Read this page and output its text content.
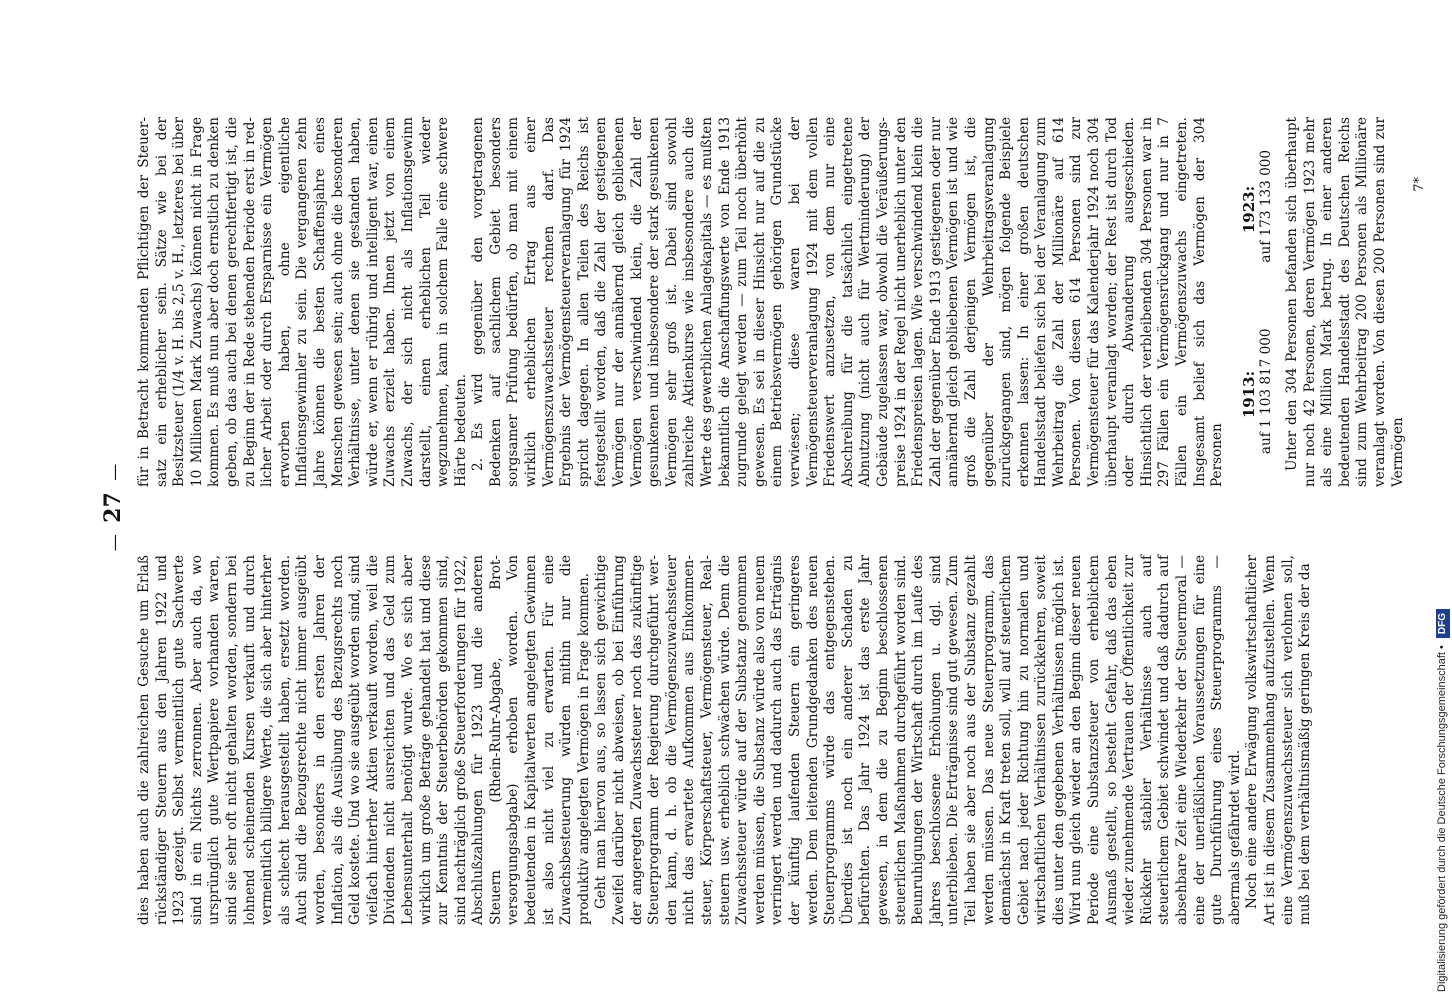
— 27 —

dies haben auch die zahlreichen Gesuche um Erlaß rückständiger Steuern aus den Jahren 1922 und 1923 gezeigt. Selbst vermeintlich gute Sachwerte sind in ein Nichts zerronnen. Aber auch da, wo ursprünglich gute Wertpapiere vorhanden waren, sind sie sehr oft nicht gehalten worden, sondern bei lohnend scheinenden Kursen verkauft und durch vermeintlich billigere Werte, die sich aber hinterher als schlecht herausgestellt haben, ersetzt worden. Auch sind die Bezugsrechte nicht immer ausgeübt worden, besonders in den ersten Jahren der Inflation, als die Ausübung des Bezugsrechts noch Geld kostete. Und wo sie ausgeübt worden sind, sind vielfach hinterher Aktien verkauft worden, weil die Dividenden nicht ausreichten und das Geld zum Lebensunterhalt benötigt wurde. Wo es sich aber wirklich um große Beträge gehandelt hat und diese zur Kenntnis der Steuerbehörden gekommen sind, sind nachträglich große Steuerforderungen für 1922, Abschlußzahlungen für 1923 und die anderen Steuern (Rhein-Ruhr-Abgabe, Brotversorgungsabgabe) erhoben worden. Von bedeutenden in Kapitalwerten angelegten Gewinnen ist also nicht viel zu erwarten. Für eine Zuwachsbesteuerung würden mithin nur die produktiv angelegten Vermögen in Frage kommen. Geht man hiervon aus, so lassen sich gewichtige Zweifel darüber nicht abweisen, ob bei Einführung der angeregten Zuwachssteuer noch das zukünftige Steuerprogramm der Regierung durchgeführt werden kann, d. h. ob die Vermögenszuwachssteuer nicht das erwartete Aufkommen aus Einkommensteuer, Körperschaftsteuer, Vermögensteuer, Realsteuern usw. erheblich schwächen würde. Denn die Zuwachssteuer würde auf der Substanz genommen werden müssen, die Substanz würde also von neuem verringert werden und dadurch auch das Erträgnis der künftig laufenden Steuern ein geringeres werden. Dem leitenden Grundgedanken des neuen Steuerprogramms würde das entgegenstehen. Überdies ist noch ein anderer Schaden zu befürchten. Das Jahr 1924 ist das erste Jahr gewesen, in dem die zu Beginn beschlossenen steuerlichen Maßnahmen durchgeführt worden sind. Beunruhigungen der Wirtschaft durch im Laufe des Jahres beschlossene Erhöhungen u. dgl. sind unterblieben. Die Erträgnisse sind gut gewesen. Zum Teil haben sie aber noch aus der Substanz gezahlt werden müssen. Das neue Steuerprogramm, das demnächst in Kraft treten soll, will auf steuerlichem Gebiet nach jeder Richtung hin zu normalen und wirtschaftlichen Verhältnissen zurückkehren, soweit dies unter den gegebenen Verhältnissen möglich ist. Wird nun gleich wieder an den Beginn dieser neuen Periode eine Substanzsteuer von erheblichem Ausmaß gestellt, so besteht Gefahr, daß das eben wieder zunehmende Vertrauen der Öffentlichkeit zur Rückkehr stabiler Verhältnisse auch auf steuerlichem Gebiet schwindet und daß dadurch auf absehbare Zeit eine Wiederkehr der Steuermoral — eine der unerläßlichen Voraussetzungen für eine gute Durchführung eines Steuerprogramms — abermals gefährdet wird. Noch eine andere Erwägung volkswirtschaftlicher Art ist in diesem Zusammenhang aufzustellen. Wenn eine Vermögenszuwachssteuer sich verlohnen soll, muß bei dem verhältnismäßig geringen Kreis der da

für in Betracht kommenden Pflichtigen der Steuersatz ein erheblicher sein. Sätze wie bei der Besitzsteuer (1/4 v. H. bis 2,5 v. H., letzteres bei über 10 Millionen Mark Zuwachs) können nicht in Frage kommen. Es muß nun aber doch ernstlich zu denken geben, ob das auch bei denen gerechtfertigt ist, die zu Beginn der in Rede stehenden Periode erst in redlicher Arbeit oder durch Ersparnisse ein Vermögen erworben haben, ohne eigentliche Inflationsgewinnler zu sein. Die vergangenen zehn Jahre können die besten Schaffensjahre eines Menschen gewesen sein; auch ohne die besonderen Verhältnisse, unter denen sie gestanden haben, würde er, wenn er rührig und intelligent war, einen Zuwachs erzielt haben. Ihnen jetzt von einem Zuwachs, der sich nicht als Inflationsgewinn darstellt, einen erheblichen Teil wieder wegzunehmen, kann in solchem Falle eine schwere Härte bedeuten. 2. Es wird gegenüber den vorgetragenen Bedenken auf sachlichem Gebiet besonders sorgsamer Prüfung bedürfen, ob man mit einem wirklich erheblichen Ertrag aus einer Vermögenszuwachssteuer rechnen darf. Das Ergebnis der Vermögensteuerveranlagung für 1924 spricht dagegen. In allen Teilen des Reichs ist festgestellt worden, daß die Zahl der gestiegenen Vermögen nur der annähernd gleich gebliebenen Vermögen verschwindend klein, die Zahl der gesunkenen und insbesondere der stark gesunkenen Vermögen sehr groß ist. Dabei sind sowohl zahlreiche Aktienkurse wie insbesondere auch die Werte des gewerblichen Anlagekapitals — es mußten bekanntlich die Anschaffungswerte von Ende 1913 zugrunde gelegt werden — zum Teil noch überhöht gewesen. Es sei in dieser Hinsicht nur auf die zu einem Betriebsvermögen gehörigen Grundstücke verwiesen; diese waren bei der Vermögensteuerveranlagung 1924 mit dem vollen Friedenswert anzusetzen, von dem nur eine Abschreibung für die tatsächlich eingetretene Abnutzung (nicht auch für Wertminderung) der Gebäude zugelassen war, obwohl die Veräußerungspreise 1924 in der Regel nicht unerheblich unter den Friedenspreisen lagen. Wie verschwindend klein die Zahl der gegenüber Ende 1913 gestiegenen oder nur annähernd gleich gebliebenen Vermögen ist und wie groß die Zahl derjenigen Vermögen ist, die gegenüber der Wehrbeitragsveranlagung zurückgegangen sind, mögen folgende Beispiele erkennen lassen: In einer großen deutschen Handelsstadt beliefen sich bei der Veranlagung zum Wehrbeitrag die Zahl der Millionäre auf 614 Personen. Von diesen 614 Personen sind zur Vermögensteuer für das Kalenderjahr 1924 noch 304 überhaupt veranlagt worden; der Rest ist durch Tod oder durch Abwanderung ausgeschieden. Hinsichtlich der verbleibenden 304 Personen war in 297 Fällen ein Vermögensrückgang und nur in 7 Fällen ein Vermögenszuwachs eingetreten. Insgesamt belief sich das Vermögen der 304 Personen

1913:
1923:
auf 1 103 817 000
auf 173 133 000 Unter den 304 Personen befanden sich überhaupt nur noch 42 Personen, deren Vermögen 1923 mehr als eine Million Mark betrug. In einer anderen bedeutenden Handelsstadt des Deutschen Reichs sind zum Wehrbeitrag 200 Personen als Millionäre veranlagt worden. Von diesen 200 Personen sind zur Vermögen

7*
Digitalisierung gefördert durch die Deutsche Forschungsgemeinschaft • DFG
